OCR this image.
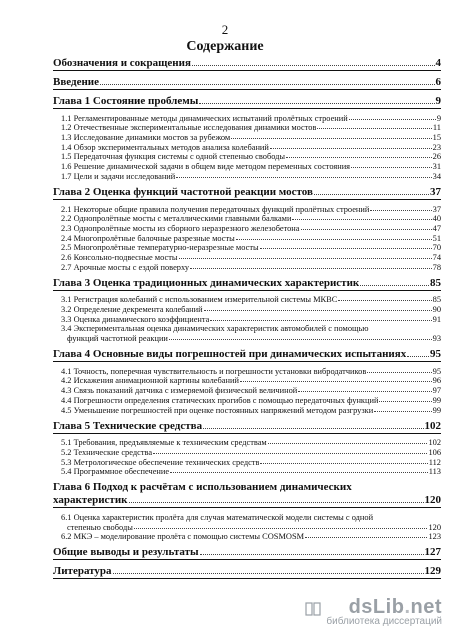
2
Содержание
Обозначения и сокращения	4
Введение	6
Глава 1 Состояние проблемы	9
1.1 Регламентированные методы динамических испытаний пролётных строений	9
1.2 Отечественные экспериментальные исследования динамики мостов	11
1.3 Исследование динамики мостов за рубежом	15
1.4 Обзор экспериментальных методов анализа колебаний	23
1.5 Передаточная функция системы с одной степенью свободы	26
1.6 Решение динамической задачи в общем виде методом переменных состояния	31
1.7 Цели и задачи исследований	34
Глава 2 Оценка функций частотной реакции мостов	37
2.1 Некоторые общие правила получения передаточных функций пролётных строений	37
2.2 Однопролётные мосты с металлическими главными балками	40
2.3 Однопролётные мосты из сборного неразрезного железобетона	47
2.4 Многопролётные балочные разрезные мосты	51
2.5 Многопролётные температурно-неразрезные мосты	70
2.6 Консольно-подвесные мосты	74
2.7 Арочные мосты с ездой поверху	78
Глава 3 Оценка традиционных динамических характеристик	85
3.1 Регистрация колебаний с использованием измерительной системы МКВС	85
3.2 Определение декремента колебаний	90
3.3 Оценка динамического коэффициента	91
3.4 Экспериментальная оценка динамических характеристик автомобилей с помощью
функций частотной реакции	93
Глава 4 Основные виды погрешностей при динамических испытаниях 95
4.1 Точность, поперечная чувствительность и погрешности установки вибродатчиков	95
4.2 Искажения анимационной картины колебаний	96
4.3 Связь показаний датчика с измеряемой физической величиной	97
4.4 Погрешности определения статических прогибов с помощью передаточных функций	99
4.5 Уменьшение погрешностей при оценке постоянных напряжений методом разгрузки	99
Глава 5 Технические средства	102
5.1 Требования, предъявляемые к техническим средствам	102
5.2 Технические средства	106
5.3 Метрологическое обеспечение технических средств	112
5.4 Программное обеспечение	113
Глава 6 Подход к расчётам с использованием динамических
характеристик	120
6.1 Оценка характеристик пролёта для случая математической модели системы с одной
степенью свободы	120
6.2 МКЭ – моделирование пролёта с помощью системы COSMOSM	123
Общие выводы и результаты	127
Литература	129
dsLib.net
библиотека диссертаций
